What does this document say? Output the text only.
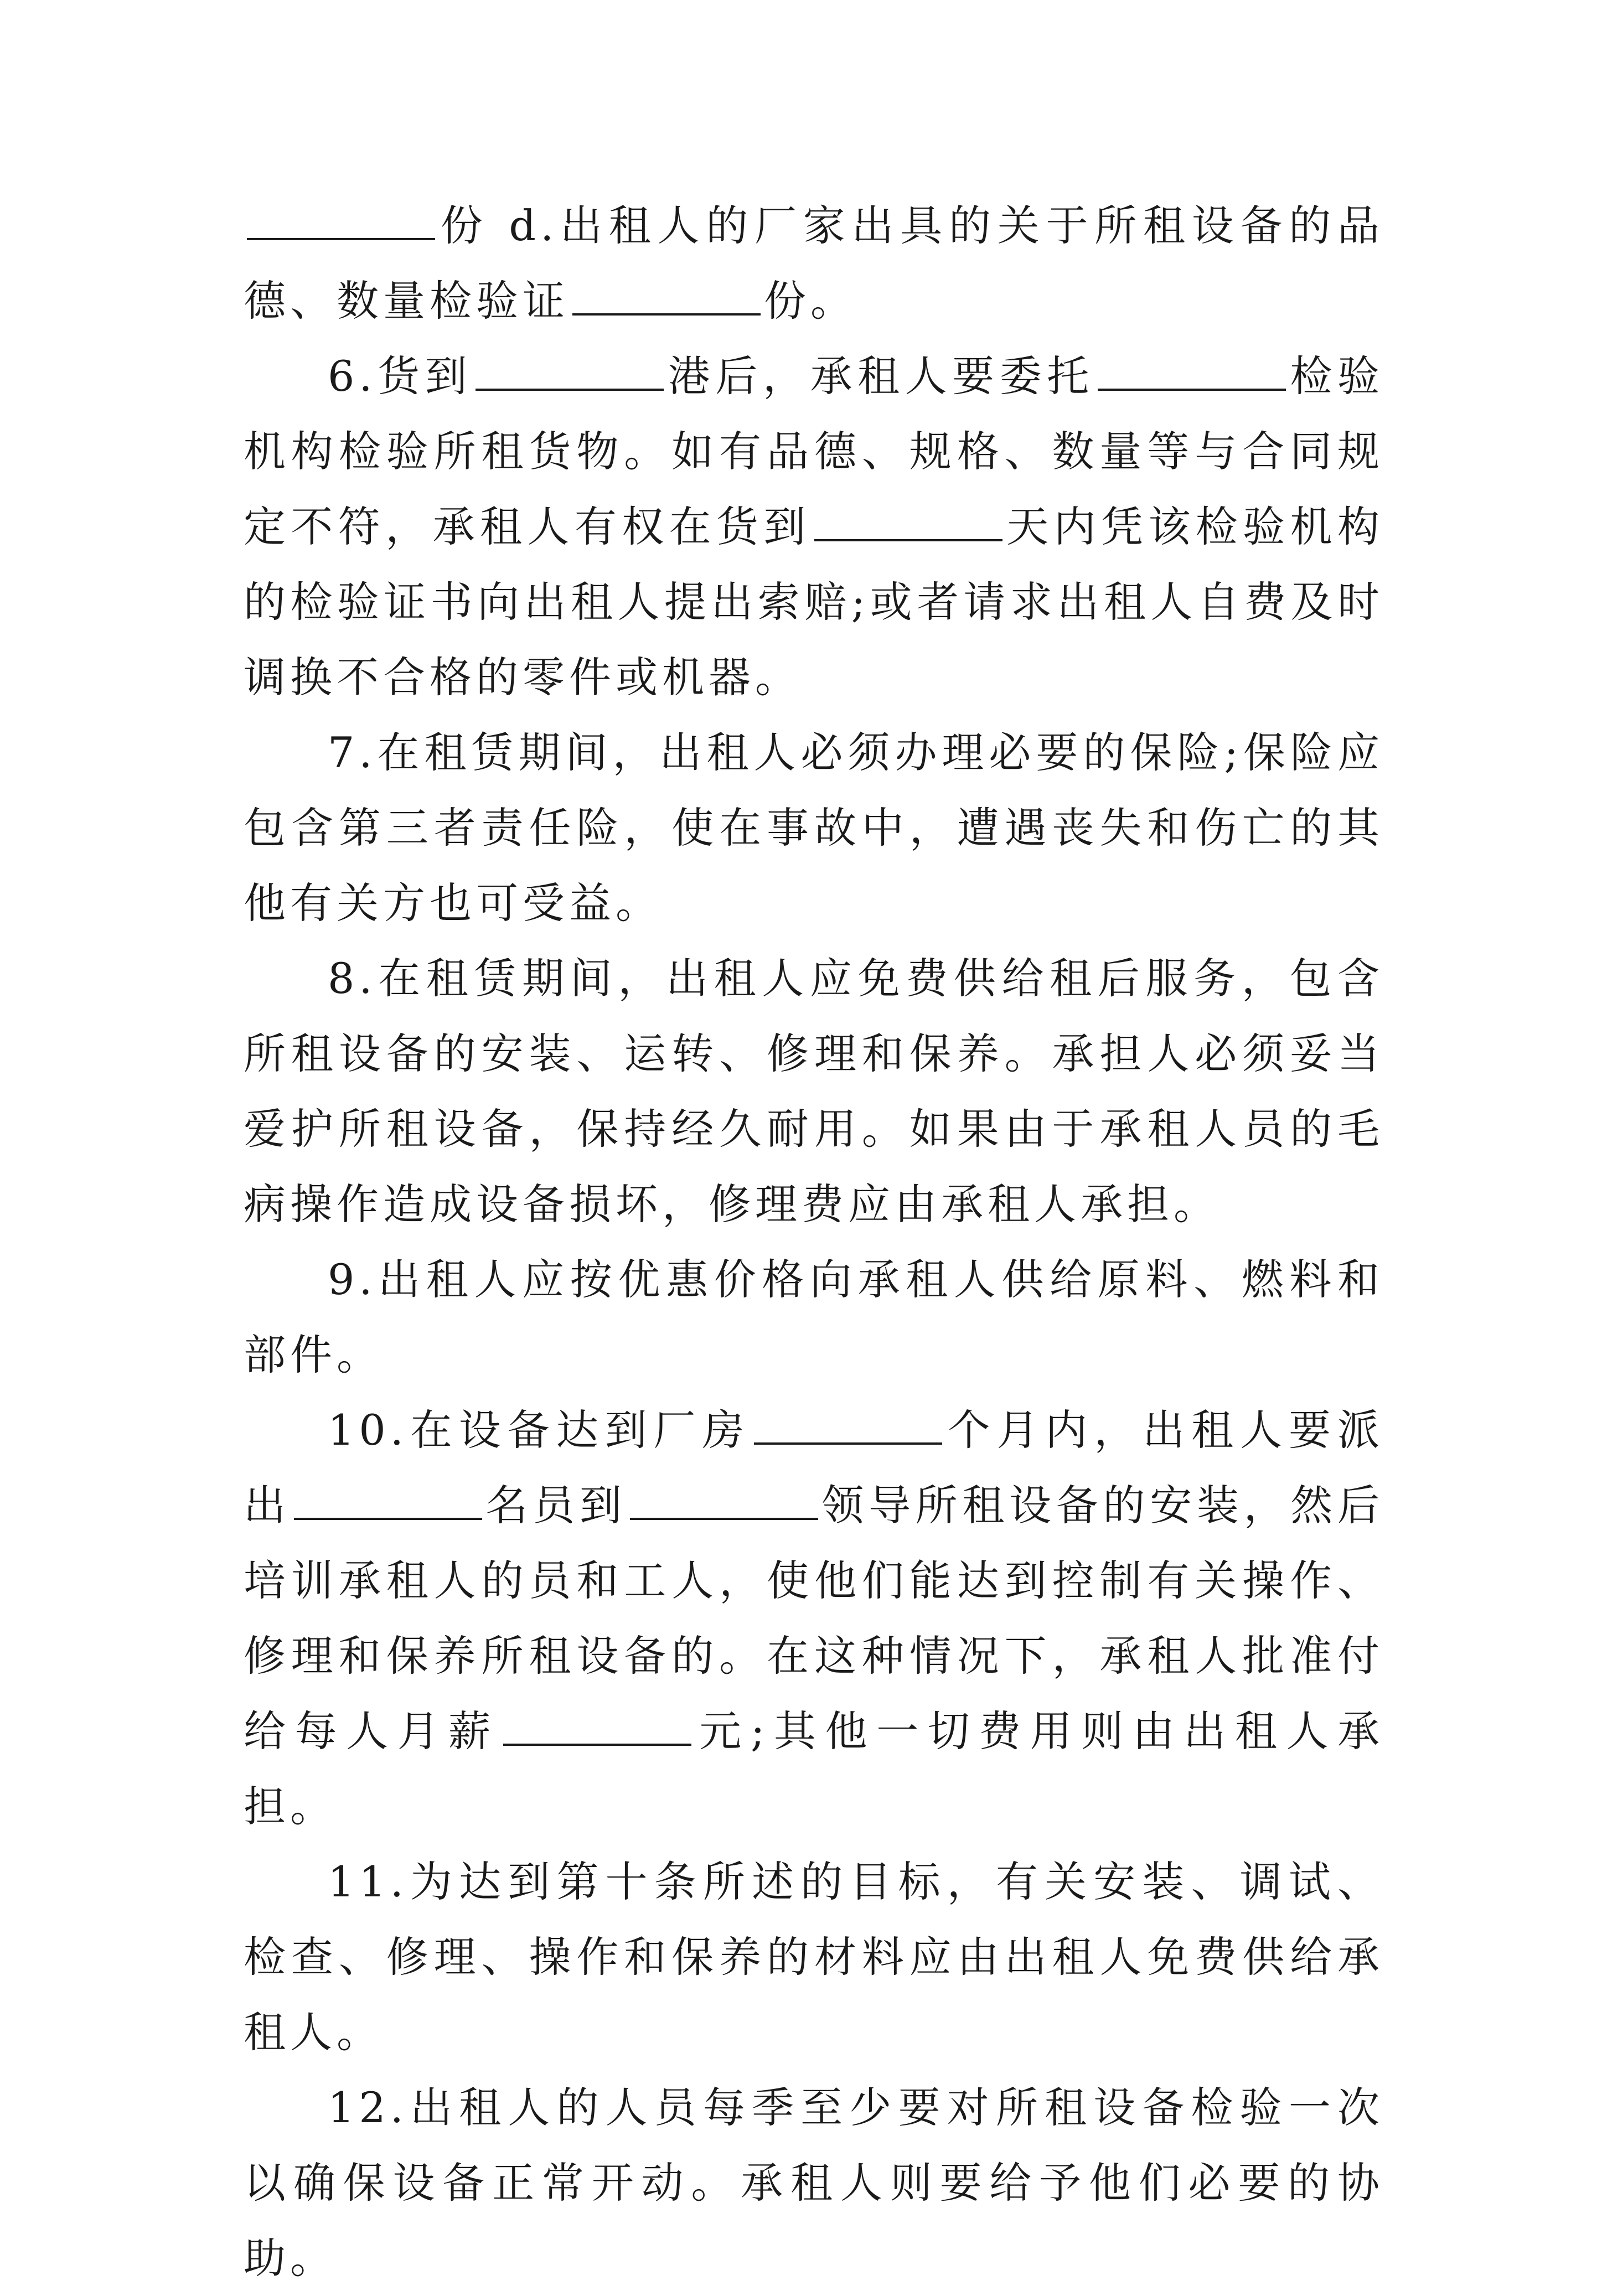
份 d.出租人的厂家出具的关于所租设备的品德、数量检验证	份。

6.货到	港后，承租人要委托	检验机构检验所租货物。如有品德、规格、数量等与合同规定不符，承租人有权在货到	天内凭该检验机构的检验证书向出租人提出索赔;或者请求出租人自费及时调换不合格的零件或机器。

7.在租赁期间，出租人必须办理必要的保险;保险应包含第三者责任险，使在事故中，遭遇丧失和伤亡的其他有关方也可受益。

8.在租赁期间，出租人应免费供给租后服务，包含所租设备的安装、运转、修理和保养。承担人必须妥当爱护所租设备，保持经久耐用。如果由于承租人员的毛病操作造成设备损坏，修理费应由承租人承担。

9.出租人应按优惠价格向承租人供给原料、燃料和部件。

10.在设备达到厂房	个月内，出租人要派出	名员到	领导所租设备的安装，然后培训承租人的员和工人，使他们能达到控制有关操作、修理和保养所租设备的。在这种情况下，承租人批准付给每人月薪	元;其他一切费用则由出租人承担。

11.为达到第十条所述的目标，有关安装、调试、检查、修理、操作和保养的材料应由出租人免费供给承租人。

12.出租人的人员每季至少要对所租设备检验一次以确保设备正常开动。承租人则要给予他们必要的协助。
